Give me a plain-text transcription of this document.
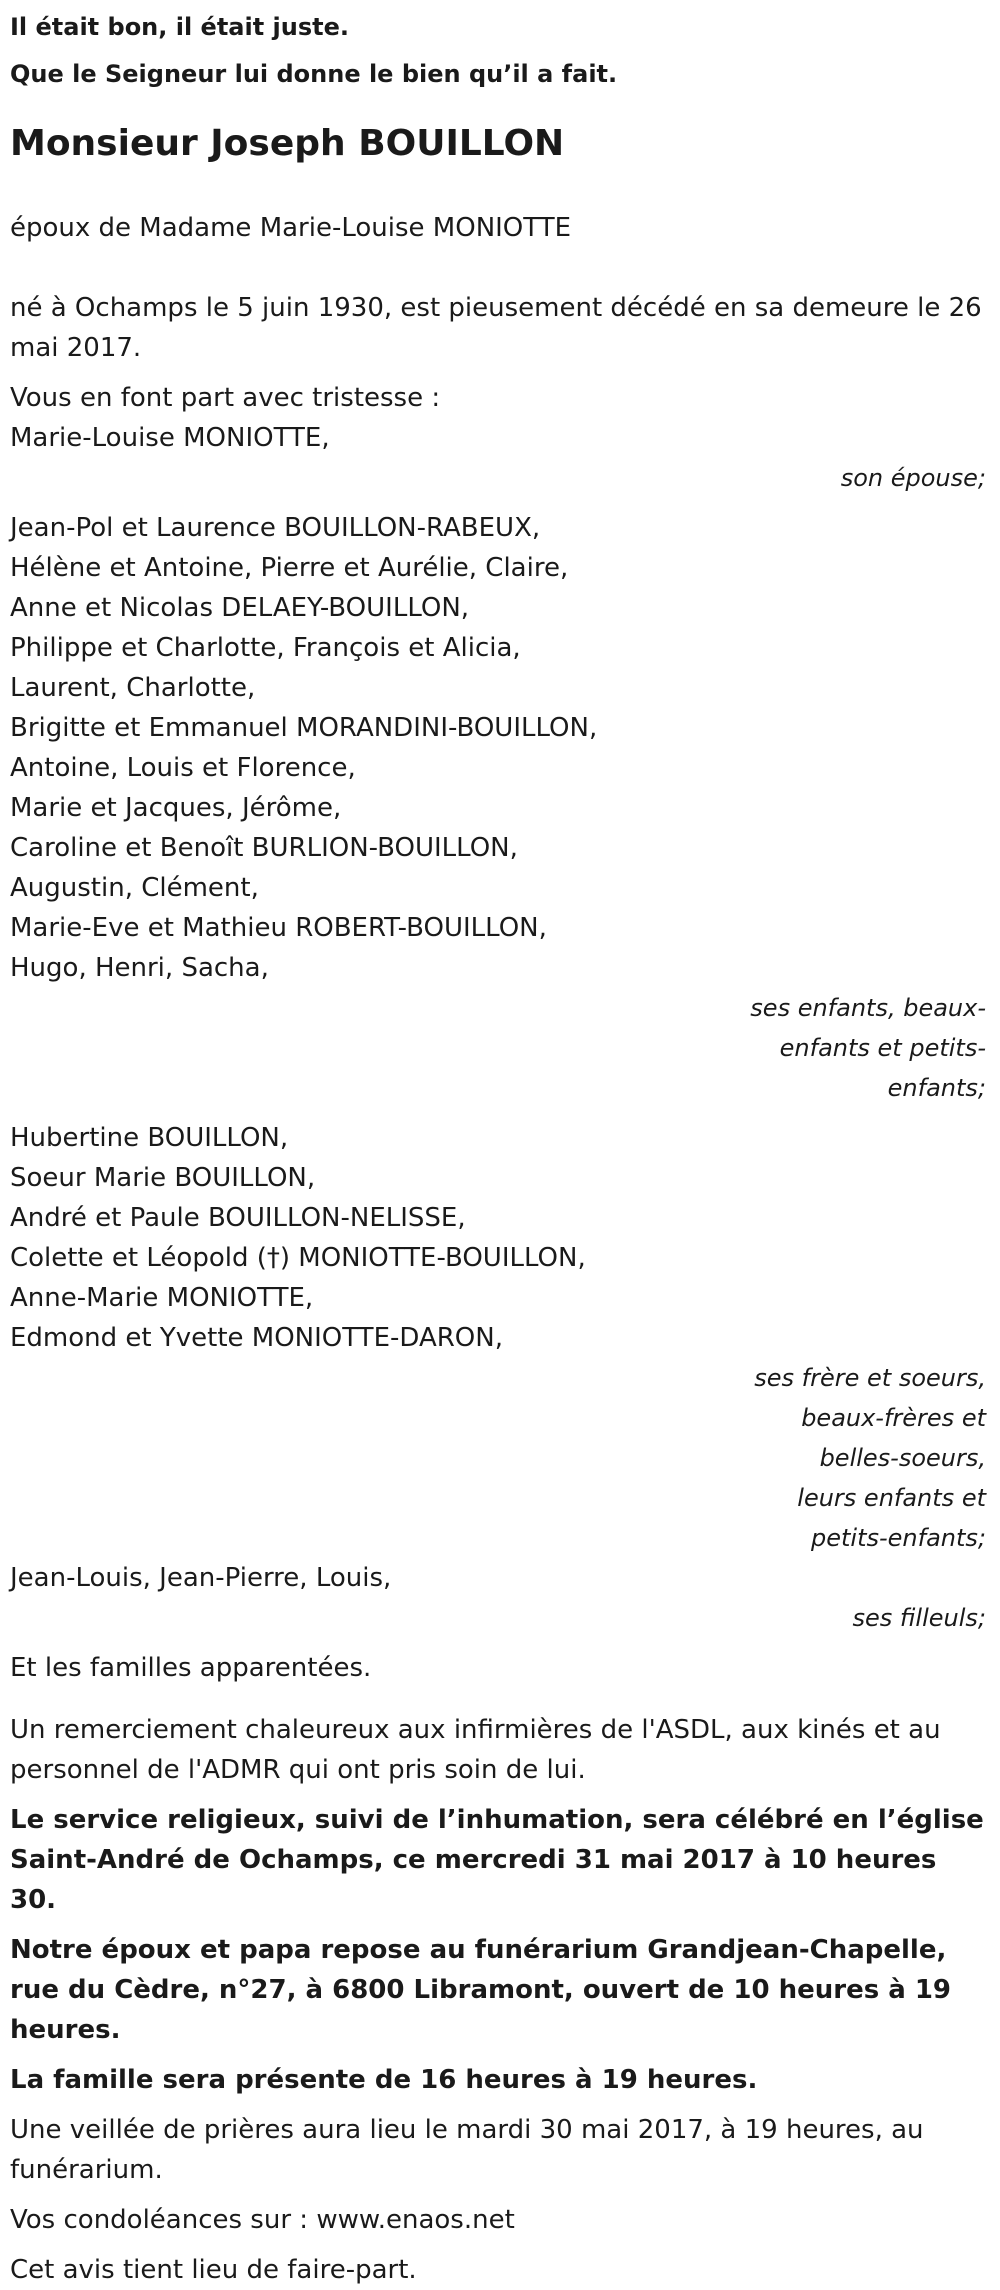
Il était bon, il était juste.

Que le Seigneur lui donne le bien qu’il a fait.

Monsieur Joseph BOUILLON

époux de Madame Marie-Louise MONIOTTE

né à Ochamps le 5 juin 1930, est pieusement décédé en sa demeure le 26 mai 2017.

Vous en font part avec tristesse :

Marie-Louise MONIOTTE,

son épouse;

Jean-Pol et Laurence BOUILLON-RABEUX,

Hélène et Antoine, Pierre et Aurélie, Claire,

Anne et Nicolas DELAEY-BOUILLON,

Philippe et Charlotte, François et Alicia,

Laurent, Charlotte,

Brigitte et Emmanuel MORANDINI-BOUILLON,

Antoine, Louis et Florence,

Marie et Jacques, Jérôme,

Caroline et Benoît BURLION-BOUILLON,

Augustin, Clément,

Marie-Eve et Mathieu ROBERT-BOUILLON,

Hugo, Henri, Sacha,

ses enfants, beaux-
enfants et petits-
enfants;

Hubertine BOUILLON,

Soeur Marie BOUILLON,

André et Paule BOUILLON-NELISSE,

Colette et Léopold (†) MONIOTTE-BOUILLON,

Anne-Marie MONIOTTE,

Edmond et Yvette MONIOTTE-DARON,

ses frère et soeurs,
beaux-frères et
belles-soeurs,
leurs enfants et
petits-enfants;

Jean-Louis, Jean-Pierre, Louis,

ses filleuls;

Et les familles apparentées.

Un remerciement chaleureux aux infirmières de l'ASDL, aux kinés et au personnel de l'ADMR qui ont pris soin de lui.

Le service religieux, suivi de l’inhumation, sera célébré en l’église Saint-André de Ochamps, ce mercredi 31 mai 2017 à 10 heures 30.

Notre époux et papa repose au funérarium Grandjean-Chapelle, rue du Cèdre, n°27, à 6800 Libramont, ouvert de 10 heures à 19 heures.

La famille sera présente de 16 heures à 19 heures.

Une veillée de prières aura lieu le mardi 30 mai 2017, à 19 heures, au funérarium.

Vos condoléances sur : www.enaos.net

Cet avis tient lieu de faire-part.
